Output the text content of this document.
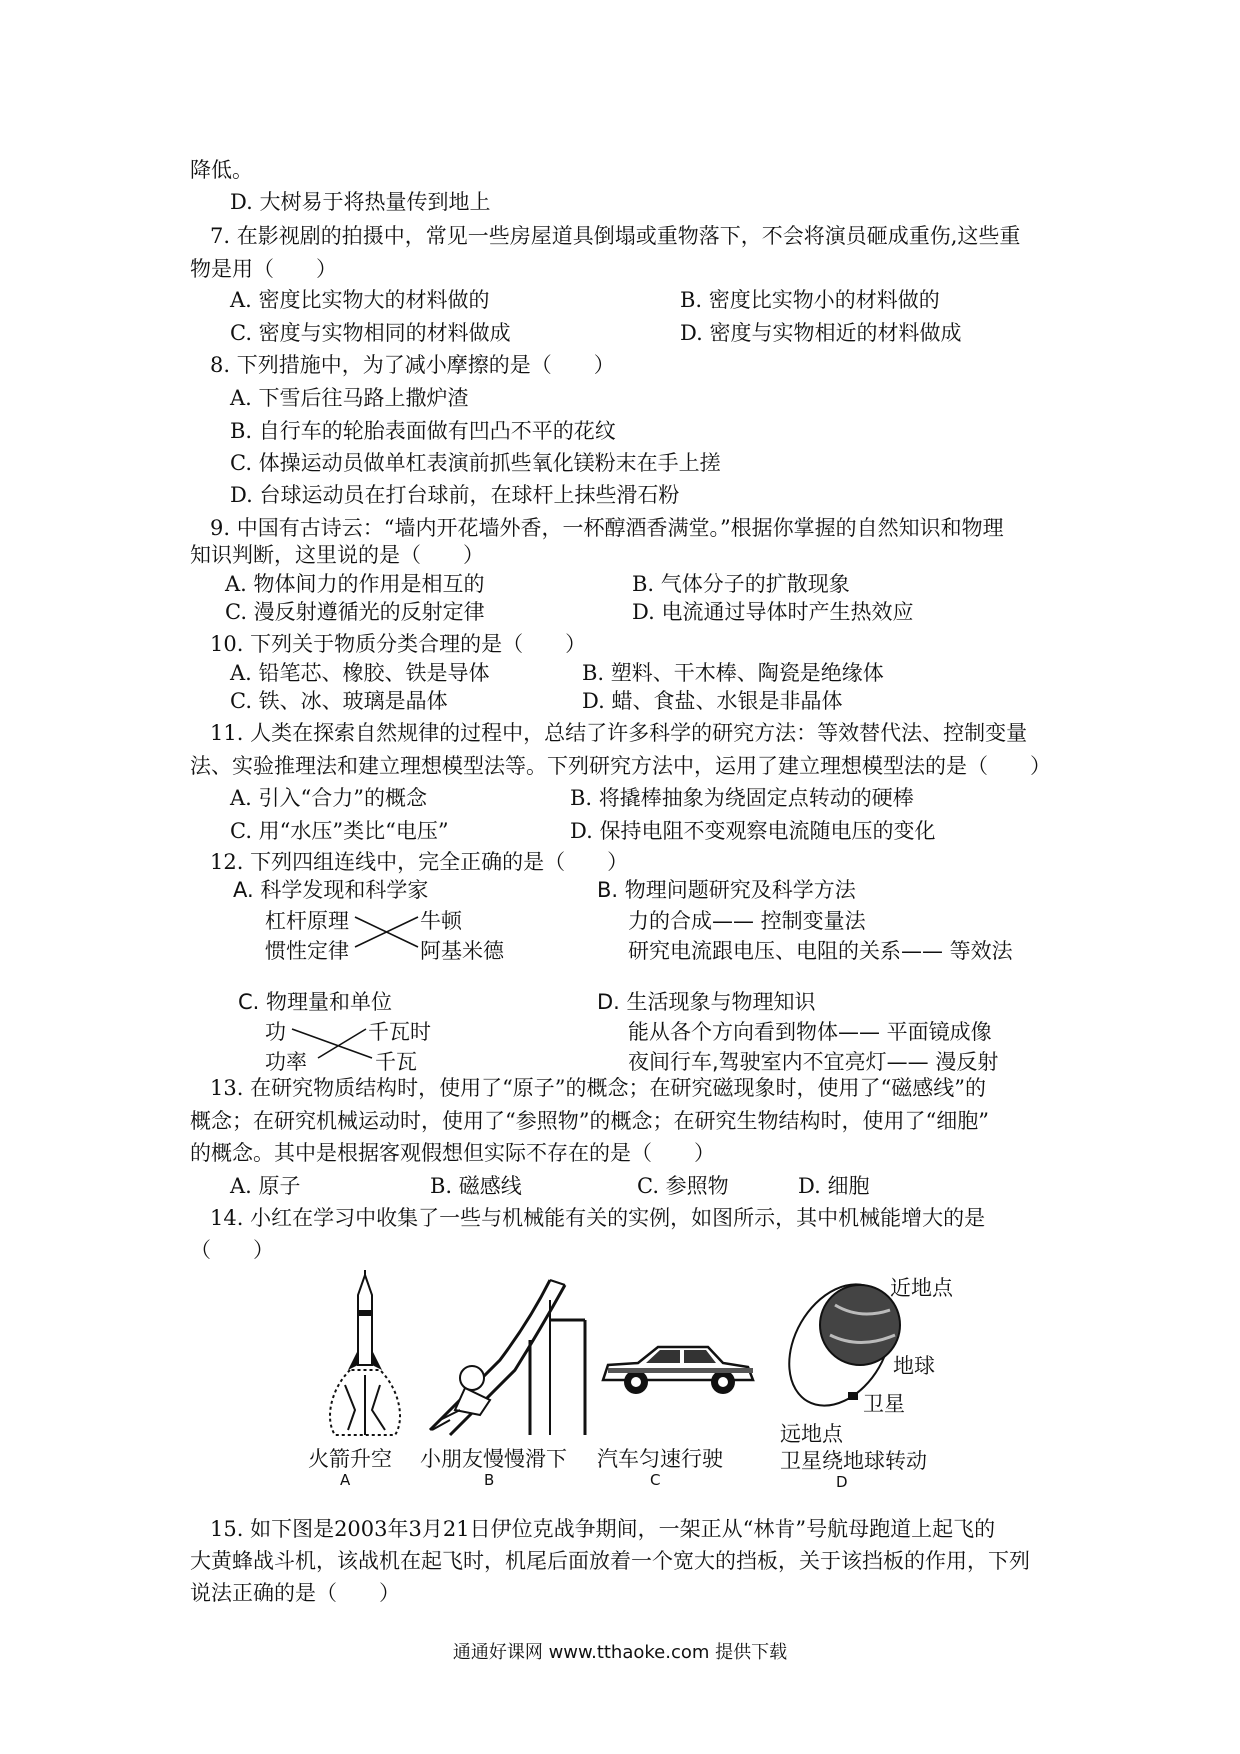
降低。

D. 大树易于将热量传到地上

7. 在影视剧的拍摄中，常见一些房屋道具倒塌或重物落下，不会将演员砸成重伤,这些重

物是用（　　）

A. 密度比实物大的材料做的	B. 密度比实物小的材料做的

C. 密度与实物相同的材料做成	D. 密度与实物相近的材料做成

8. 下列措施中，为了减小摩擦的是（　　）

A. 下雪后往马路上撒炉渣

B. 自行车的轮胎表面做有凹凸不平的花纹

C. 体操运动员做单杠表演前抓些氧化镁粉末在手上搓

D. 台球运动员在打台球前，在球杆上抹些滑石粉

9. 中国有古诗云：“墙内开花墙外香，一杯醇酒香满堂。”根据你掌握的自然知识和物理

知识判断，这里说的是（　　）

A. 物体间力的作用是相互的	B. 气体分子的扩散现象

C. 漫反射遵循光的反射定律	D. 电流通过导体时产生热效应

10. 下列关于物质分类合理的是（　　）

A. 铅笔芯、橡胶、铁是导体	B. 塑料、干木棒、陶瓷是绝缘体

C. 铁、冰、玻璃是晶体	D. 蜡、食盐、水银是非晶体

11. 人类在探索自然规律的过程中，总结了许多科学的研究方法：等效替代法、控制变量

法、实验推理法和建立理想模型法等。下列研究方法中，运用了建立理想模型法的是（　　）

A. 引入“合力”的概念	B. 将撬棒抽象为绕固定点转动的硬棒

C. 用“水压”类比“电压”	D. 保持电阻不变观察电流随电压的变化

12. 下列四组连线中，完全正确的是（　　）

A. 科学发现和科学家
杠杆原理
惯性定律
牛顿
阿基米德
B. 物理问题研究及科学方法
力的合成—— 控制变量法
研究电流跟电压、电阻的关系—— 等效法
C. 物理量和单位
功
功率
千瓦时
千瓦
D. 生活现象与物理知识
能从各个方向看到物体—— 平面镜成像
夜间行车,驾驶室内不宜亮灯—— 漫反射

13. 在研究物质结构时，使用了“原子”的概念；在研究磁现象时，使用了“磁感线”的

概念；在研究机械运动时，使用了“参照物”的概念；在研究生物结构时，使用了“细胞”

的概念。其中是根据客观假想但实际不存在的是（　　）

A. 原子	B. 磁感线	C. 参照物	D. 细胞

14. 小红在学习中收集了一些与机械能有关的实例，如图所示，其中机械能增大的是

（　　）

火箭升空
A
小朋友慢慢滑下
B
汽车匀速行驶
C
近地点
地球
卫星
远地点
卫星绕地球转动
D

15. 如下图是2003年3月21日伊位克战争期间，一架正从“林肯”号航母跑道上起飞的

大黄蜂战斗机，该战机在起飞时，机尾后面放着一个宽大的挡板，关于该挡板的作用，下列

说法正确的是（　　）

通通好课网 www.tthaoke.com 提供下载
